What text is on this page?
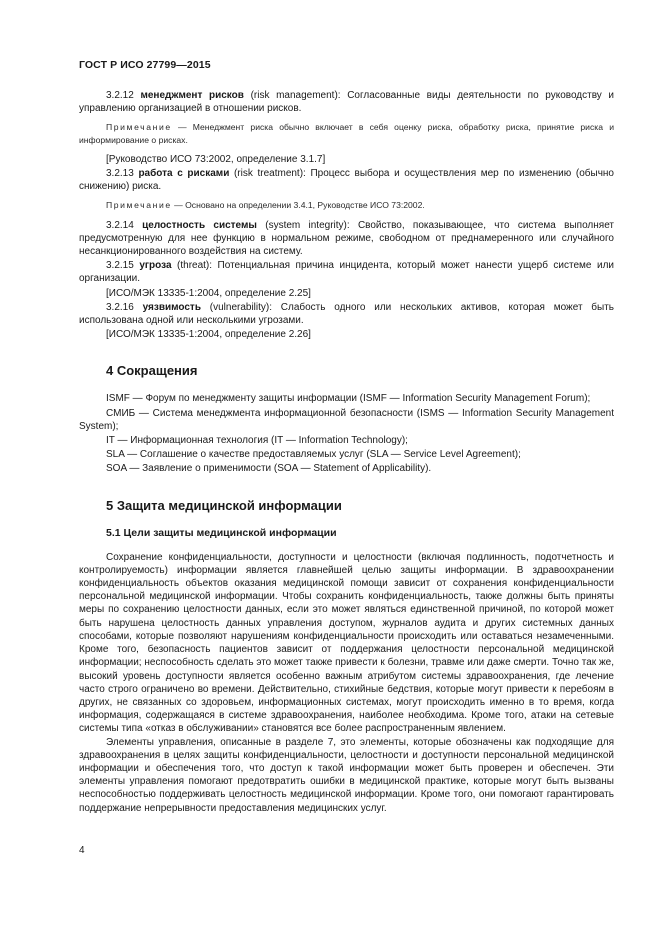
ГОСТ Р ИСО 27799—2015

3.2.12 менеджмент рисков (risk management): Согласованные виды деятельности по руководству и управлению организацией в отношении рисков.

Примечание — Менеджмент риска обычно включает в себя оценку риска, обработку риска, принятие риска и информирование о рисках.

[Руководство ИСО 73:2002, определение 3.1.7]

3.2.13 работа с рисками (risk treatment): Процесс выбора и осуществления мер по изменению (обычно снижению) риска.

Примечание — Основано на определении 3.4.1, Руководстве ИСО 73:2002.

3.2.14 целостность системы (system integrity): Свойство, показывающее, что система выполняет предусмотренную для нее функцию в нормальном режиме, свободном от преднамеренного или случайного несанкционированного воздействия на систему.

3.2.15 угроза (threat): Потенциальная причина инцидента, который может нанести ущерб системе или организации.

[ИСО/МЭК 13335-1:2004, определение 2.25]

3.2.16 уязвимость (vulnerability): Слабость одного или нескольких активов, которая может быть использована одной или несколькими угрозами.

[ИСО/МЭК 13335-1:2004, определение 2.26]

4 Сокращения

ISMF — Форум по менеджменту защиты информации (ISMF — Information Security Management Forum);

СМИБ — Система менеджмента информационной безопасности (ISMS — Information Security Management System);

IT — Информационная технология (IT — Information Technology);

SLA — Соглашение о качестве предоставляемых услуг (SLA — Service Level Agreement);

SOA — Заявление о применимости (SOA — Statement of Applicability).

5 Защита медицинской информации
5.1 Цели защиты медицинской информации

Сохранение конфиденциальности, доступности и целостности (включая подлинность, подотчетность и контролируемость) информации является главнейшей целью защиты информации. В здравоохранении конфиденциальность объектов оказания медицинской помощи зависит от сохранения конфиденциальности персональной медицинской информации. Чтобы сохранить конфиденциальность, также должны быть приняты меры по сохранению целостности данных, если это может являться единственной причиной, по которой может быть нарушена целостность данных управления доступом, журналов аудита и других системных данных способами, которые позволяют нарушениям конфиденциальности происходить или оставаться незамеченными. Кроме того, безопасность пациентов зависит от поддержания целостности персональной медицинской информации; неспособность сделать это может также привести к болезни, травме или даже смерти. Точно так же, высокий уровень доступности является особенно важным атрибутом системы здравоохранения, где лечение часто строго ограничено во времени. Действительно, стихийные бедствия, которые могут привести к перебоям в других, не связанных со здоровьем, информационных системах, могут происходить именно в то время, когда информация, содержащаяся в системе здравоохранения, наиболее необходима. Кроме того, атаки на сетевые системы типа «отказ в обслуживании» становятся все более распространенным явлением.

Элементы управления, описанные в разделе 7, это элементы, которые обозначены как подходящие для здравоохранения в целях защиты конфиденциальности, целостности и доступности персональной медицинской информации и обеспечения того, что доступ к такой информации может быть проверен и обеспечен. Эти элементы управления помогают предотвратить ошибки в медицинской практике, которые могут быть вызваны неспособностью поддерживать целостность медицинской информации. Кроме того, они помогают гарантировать поддержание непрерывности предоставления медицинских услуг.

4
